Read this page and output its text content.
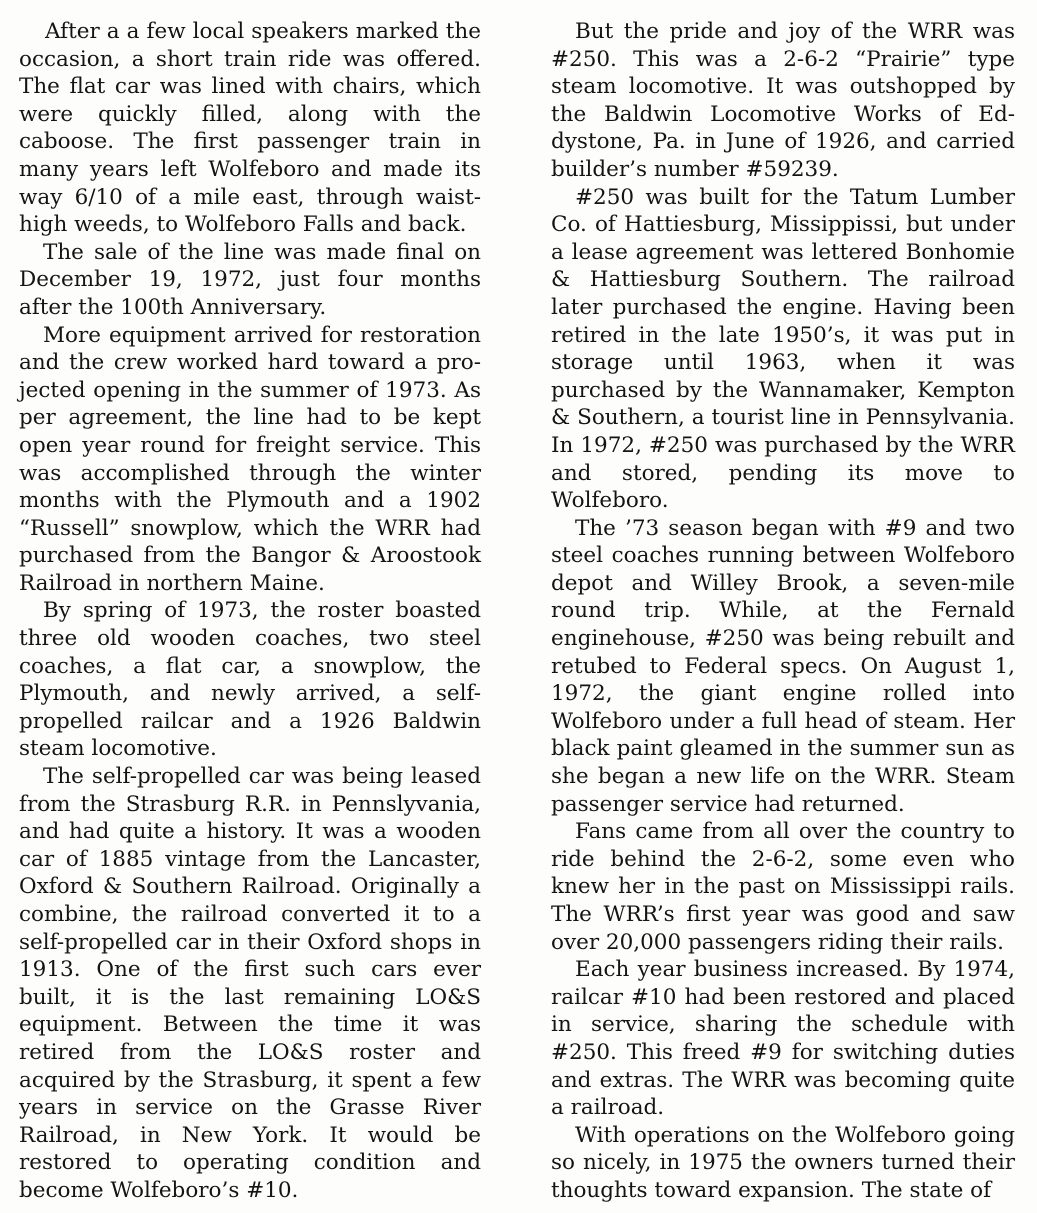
After a a few local speakers marked the occasion, a short train ride was offered. The flat car was lined with chairs, which were quickly filled, along with the caboose. The first passenger train in many years left Wolfeboro and made its way 6/10 of a mile east, through waist-high weeds, to Wolfeboro Falls and back.

The sale of the line was made final on December 19, 1972, just four months after the 100th Anniversary.

More equipment arrived for restoration and the crew worked hard toward a projected opening in the summer of 1973. As per agreement, the line had to be kept open year round for freight service. This was accomplished through the winter months with the Plymouth and a 1902 “Russell” snowplow, which the WRR had purchased from the Bangor & Aroostook Railroad in northern Maine.

By spring of 1973, the roster boasted three old wooden coaches, two steel coaches, a flat car, a snowplow, the Plymouth, and newly arrived, a self-propelled railcar and a 1926 Baldwin steam locomotive.

The self-propelled car was being leased from the Strasburg R.R. in Pennslyvania, and had quite a history. It was a wooden car of 1885 vintage from the Lancaster, Oxford & Southern Railroad. Originally a combine, the railroad converted it to a self-propelled car in their Oxford shops in 1913. One of the first such cars ever built, it is the last remaining LO&S equipment. Between the time it was retired from the LO&S roster and acquired by the Strasburg, it spent a few years in service on the Grasse River Railroad, in New York. It would be restored to operating condition and become Wolfeboro’s #10.

But the pride and joy of the WRR was #250. This was a 2-6-2 “Prairie” type steam locomotive. It was outshopped by the Baldwin Locomotive Works of Eddystone, Pa. in June of 1926, and carried builder’s number #59239.

#250 was built for the Tatum Lumber Co. of Hattiesburg, Missippissi, but under a lease agreement was lettered Bonhomie & Hattiesburg Southern. The railroad later purchased the engine. Having been retired in the late 1950’s, it was put in storage until 1963, when it was purchased by the Wannamaker, Kempton & Southern, a tourist line in Pennsylvania. In 1972, #250 was purchased by the WRR and stored, pending its move to Wolfeboro.

The ’73 season began with #9 and two steel coaches running between Wolfeboro depot and Willey Brook, a seven-mile round trip. While, at the Fernald enginehouse, #250 was being rebuilt and retubed to Federal specs. On August 1, 1972, the giant engine rolled into Wolfeboro under a full head of steam. Her black paint gleamed in the summer sun as she began a new life on the WRR. Steam passenger service had returned.

Fans came from all over the country to ride behind the 2-6-2, some even who knew her in the past on Mississippi rails. The WRR’s first year was good and saw over 20,000 passengers riding their rails.

Each year business increased. By 1974, railcar #10 had been restored and placed in service, sharing the schedule with #250. This freed #9 for switching duties and extras. The WRR was becoming quite a railroad.

With operations on the Wolfeboro going so nicely, in 1975 the owners turned their thoughts toward expansion. The state of
